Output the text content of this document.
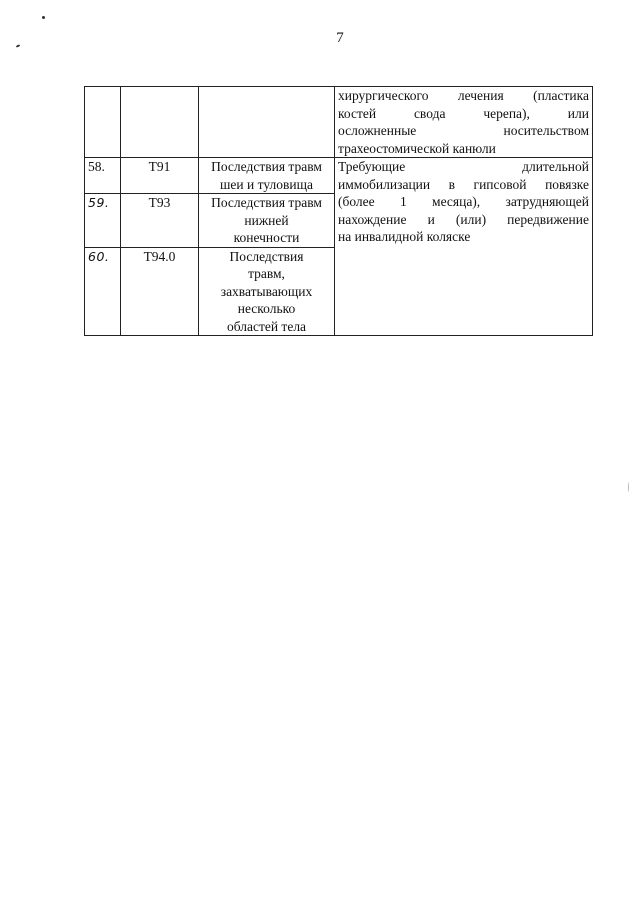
7

			хирургического лечения (пластика
костей свода черепа), или
осложненные носительством
трахеостомической канюли

58.	T91	Последствия травм
шеи и туловища	Требующие длительной
иммобилизации в гипсовой повязке
(более 1 месяца), затрудняющей
нахождение и (или) передвижение
на инвалидной коляске

59.	T93	Последствия травм
нижней
конечности	

60.	T94.0	Последствия
травм,
захватывающих
несколько
областей тела	
